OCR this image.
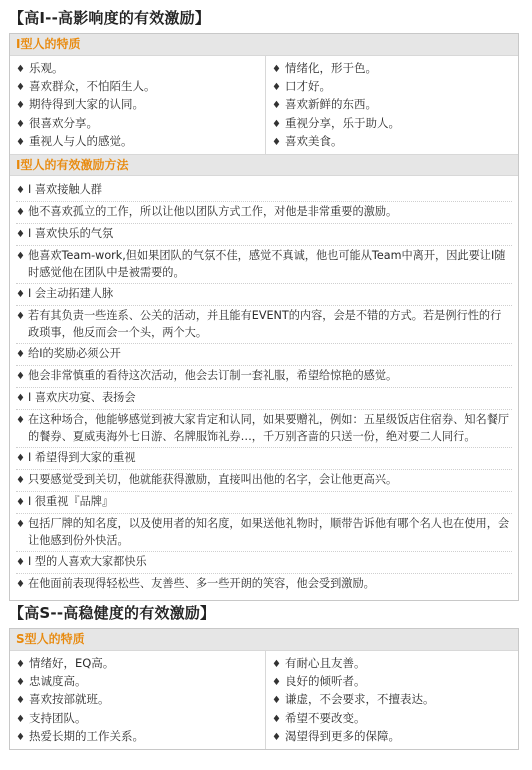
【高I--高影响度的有效激励】
I型人的特质
♦ 乐观。
♦ 喜欢群众，不怕陌生人。
♦ 期待得到大家的认同。
♦ 很喜欢分享。
♦ 重视人与人的感觉。
♦ 情绪化，形于色。
♦ 口才好。
♦ 喜欢新鲜的东西。
♦ 重视分享，乐于助人。
♦ 喜欢美食。
I型人的有效激励方法
♦ I 喜欢接触人群
♦ 他不喜欢孤立的工作，所以让他以团队方式工作，对他是非常重要的激励。
♦ I 喜欢快乐的气氛
♦ 他喜欢Team-work,但如果团队的气氛不佳，感觉不真诚，他也可能从Team中离开，因此要让I随时感觉他在团队中是被需要的。
♦ I 会主动拓建人脉
♦ 若有其负责一些连系、公关的活动，并且能有EVENT的内容，会是不错的方式。若是例行性的行政琐事，他反而会一个头，两个大。
♦ 给I的奖励必须公开
♦ 他会非常慎重的看待这次活动，他会去订制一套礼服，希望给惊艳的感觉。
♦ I 喜欢庆功宴、表扬会
♦ 在这种场合，他能够感觉到被大家肯定和认同，如果要赠礼，例如：五星级饭店住宿券、知名餐厅的餐券、夏威夷海外七日游、名牌服饰礼券…，千万别吝啬的只送一份，绝对要二人同行。
♦ I 希望得到大家的重视
♦ 只要感觉受到关切，他就能获得激励，直接叫出他的名字，会让他更高兴。
♦ I 很重视『品牌』
♦ 包括厂牌的知名度，以及使用者的知名度，如果送他礼物时，顺带告诉他有哪个名人也在使用，会让他感到份外快活。
♦ I 型的人喜欢大家都快乐
♦ 在他面前表现得轻松些、友善些、多一些开朗的笑容，他会受到激励。
【高S--高稳健度的有效激励】
S型人的特质
♦ 情绪好，EQ高。
♦ 忠诚度高。
♦ 喜欢按部就班。
♦ 支持团队。
♦ 热爱长期的工作关系。
♦ 有耐心且友善。
♦ 良好的倾听者。
♦ 谦虚，不会要求，不擅表达。
♦ 希望不要改变。
♦ 渴望得到更多的保障。
